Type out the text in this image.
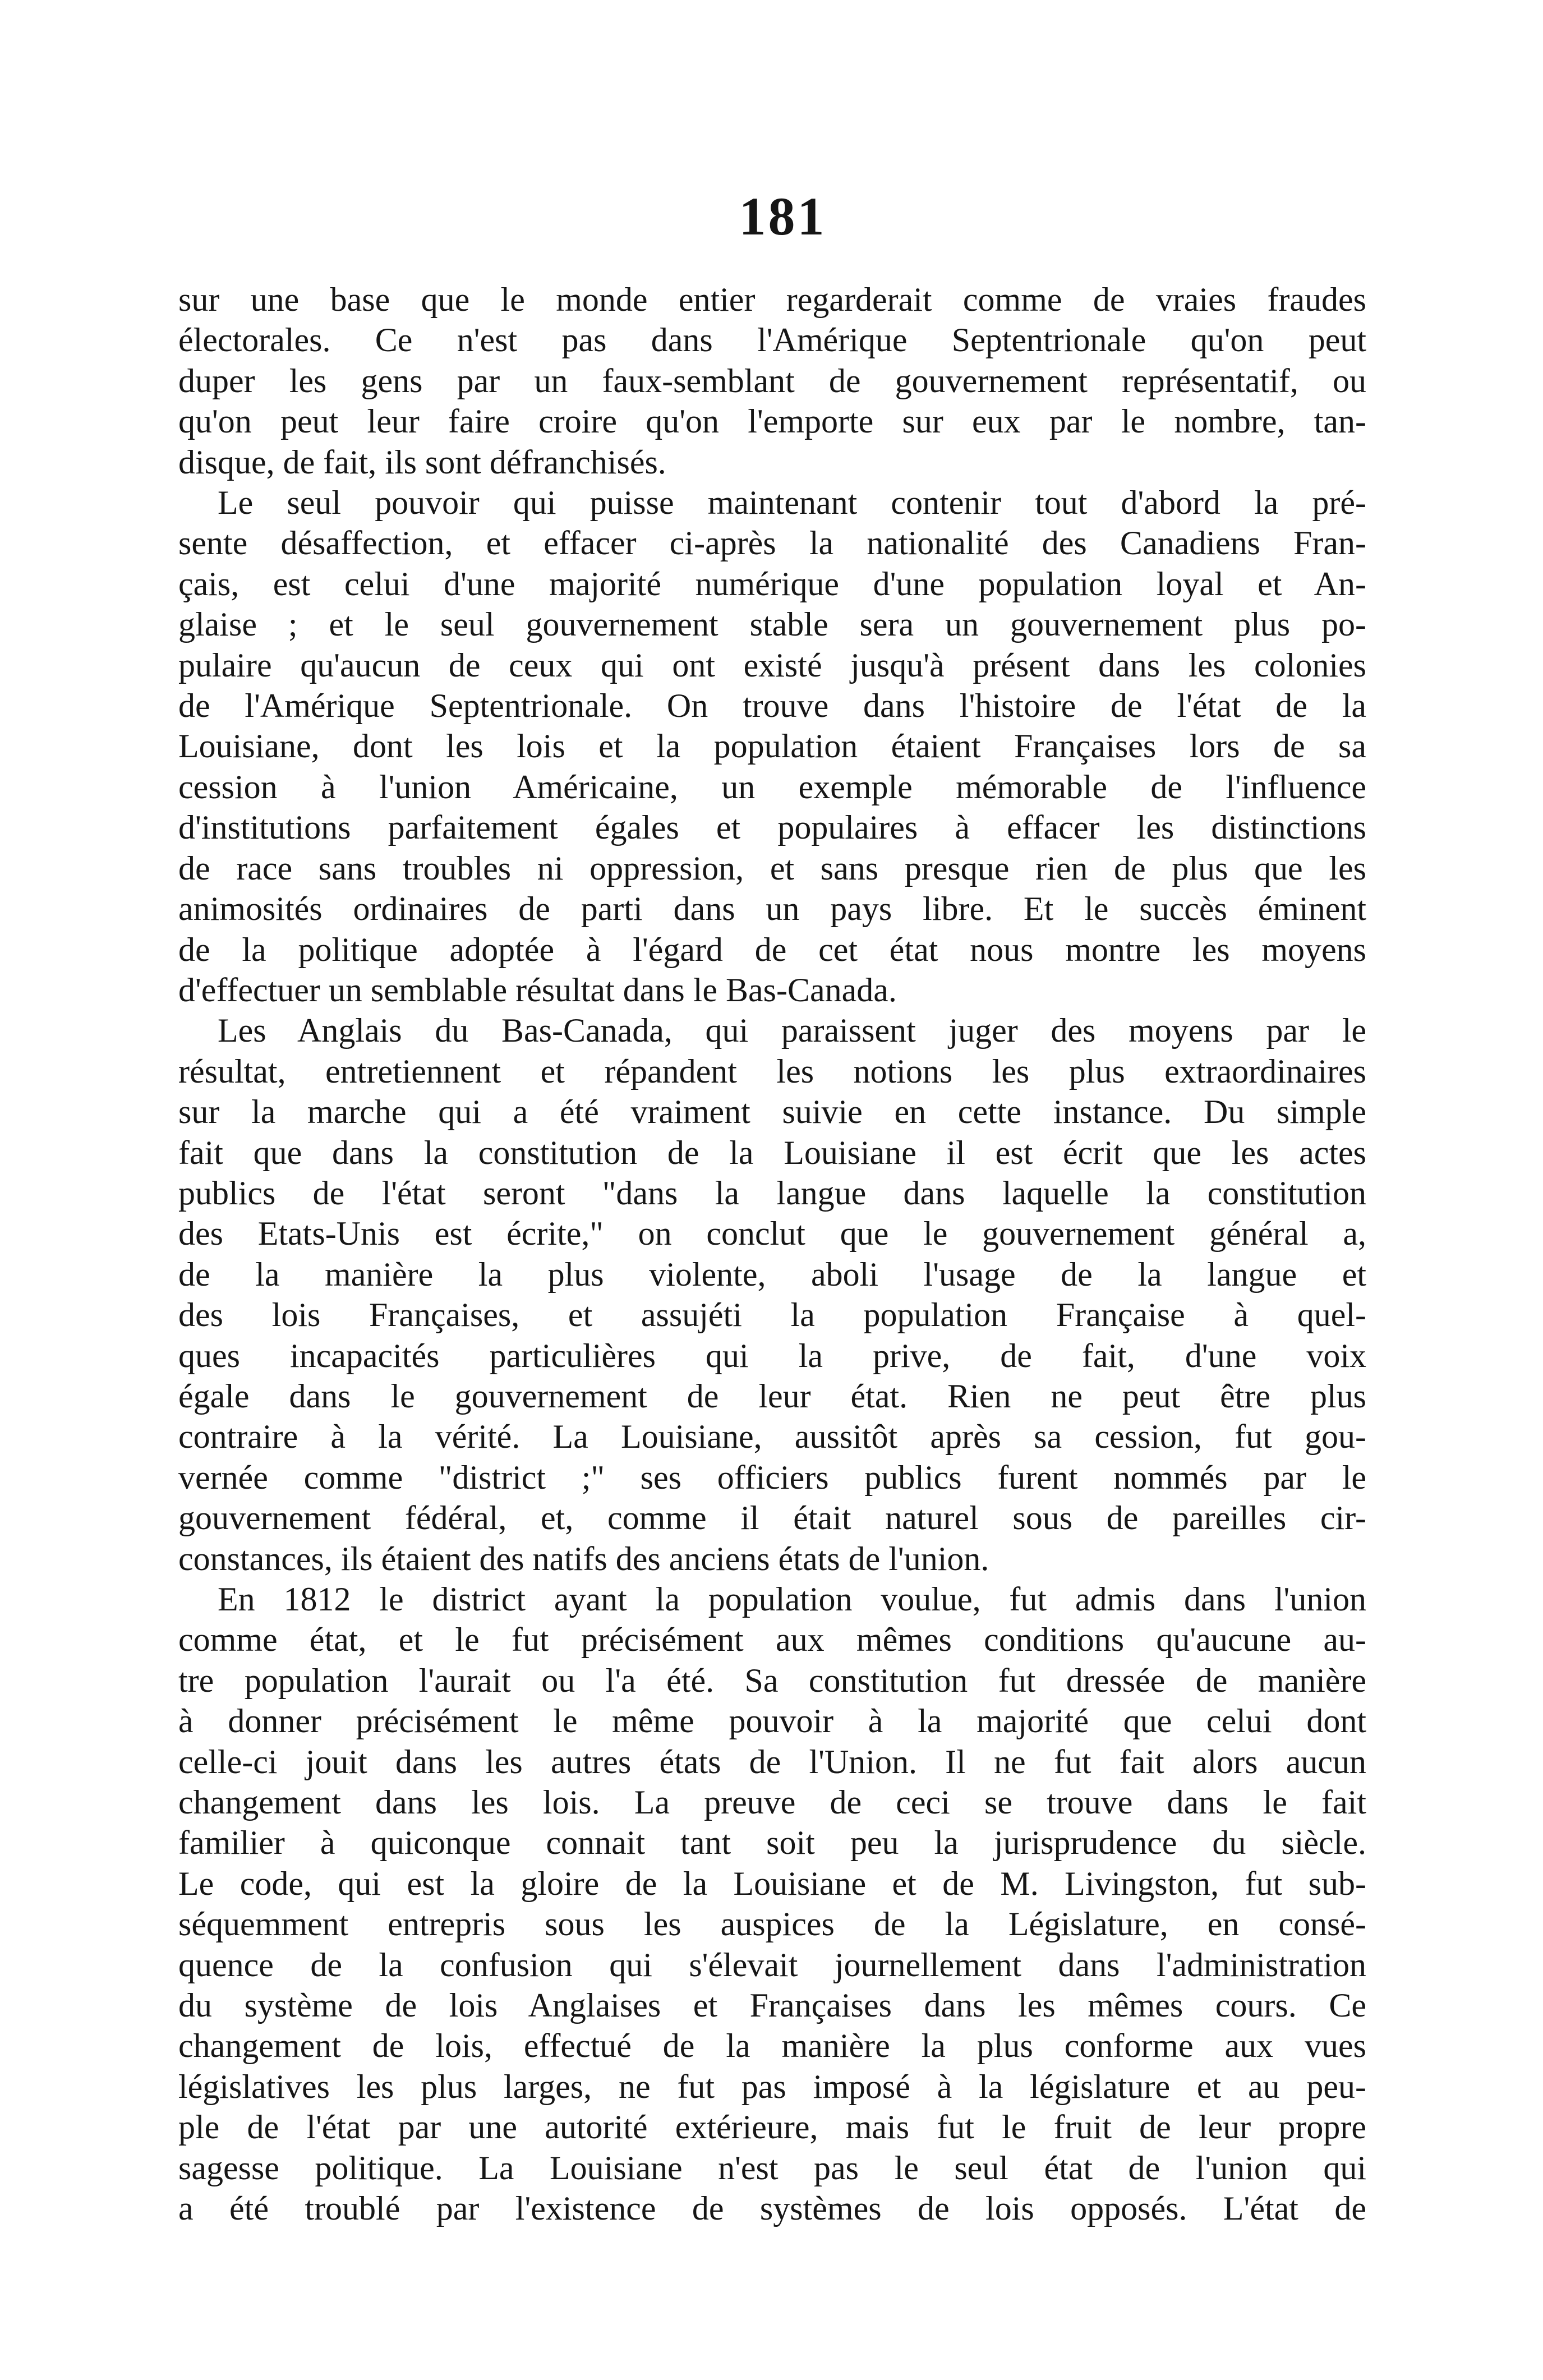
181
sur une base que le monde entier regarderait comme de vraies fraudes
électorales. Ce n'est pas dans l'Amérique Septentrionale qu'on peut
duper les gens par un faux-semblant de gouvernement représentatif, ou
qu'on peut leur faire croire qu'on l'emporte sur eux par le nombre, tan-
disque, de fait, ils sont défranchisés.
Le seul pouvoir qui puisse maintenant contenir tout d'abord la pré-
sente désaffection, et effacer ci-après la nationalité des Canadiens Fran-
çais, est celui d'une majorité numérique d'une population loyal et An-
glaise ; et le seul gouvernement stable sera un gouvernement plus po-
pulaire qu'aucun de ceux qui ont existé jusqu'à présent dans les colonies
de l'Amérique Septentrionale. On trouve dans l'histoire de l'état de la
Louisiane, dont les lois et la population étaient Françaises lors de sa
cession à l'union Américaine, un exemple mémorable de l'influence
d'institutions parfaitement égales et populaires à effacer les distinctions
de race sans troubles ni oppression, et sans presque rien de plus que les
animosités ordinaires de parti dans un pays libre. Et le succès éminent
de la politique adoptée à l'égard de cet état nous montre les moyens
d'effectuer un semblable résultat dans le Bas-Canada.
Les Anglais du Bas-Canada, qui paraissent juger des moyens par le
résultat, entretiennent et répandent les notions les plus extraordinaires
sur la marche qui a été vraiment suivie en cette instance. Du simple
fait que dans la constitution de la Louisiane il est écrit que les actes
publics de l'état seront "dans la langue dans laquelle la constitution
des Etats-Unis est écrite," on conclut que le gouvernement général a,
de la manière la plus violente, aboli l'usage de la langue et
des lois Françaises, et assujéti la population Française à quel-
ques incapacités particulières qui la prive, de fait, d'une voix
égale dans le gouvernement de leur état. Rien ne peut être plus
contraire à la vérité. La Louisiane, aussitôt après sa cession, fut gou-
vernée comme "district ;" ses officiers publics furent nommés par le
gouvernement fédéral, et, comme il était naturel sous de pareilles cir-
constances, ils étaient des natifs des anciens états de l'union.
En 1812 le district ayant la population voulue, fut admis dans l'union
comme état, et le fut précisément aux mêmes conditions qu'aucune au-
tre population l'aurait ou l'a été. Sa constitution fut dressée de manière
à donner précisément le même pouvoir à la majorité que celui dont
celle-ci jouit dans les autres états de l'Union. Il ne fut fait alors aucun
changement dans les lois. La preuve de ceci se trouve dans le fait
familier à quiconque connait tant soit peu la jurisprudence du siècle.
Le code, qui est la gloire de la Louisiane et de M. Livingston, fut sub-
séquemment entrepris sous les auspices de la Législature, en consé-
quence de la confusion qui s'élevait journellement dans l'administration
du système de lois Anglaises et Françaises dans les mêmes cours. Ce
changement de lois, effectué de la manière la plus conforme aux vues
législatives les plus larges, ne fut pas imposé à la législature et au peu-
ple de l'état par une autorité extérieure, mais fut le fruit de leur propre
sagesse politique. La Louisiane n'est pas le seul état de l'union qui
a été troublé par l'existence de systèmes de lois opposés. L'état de
